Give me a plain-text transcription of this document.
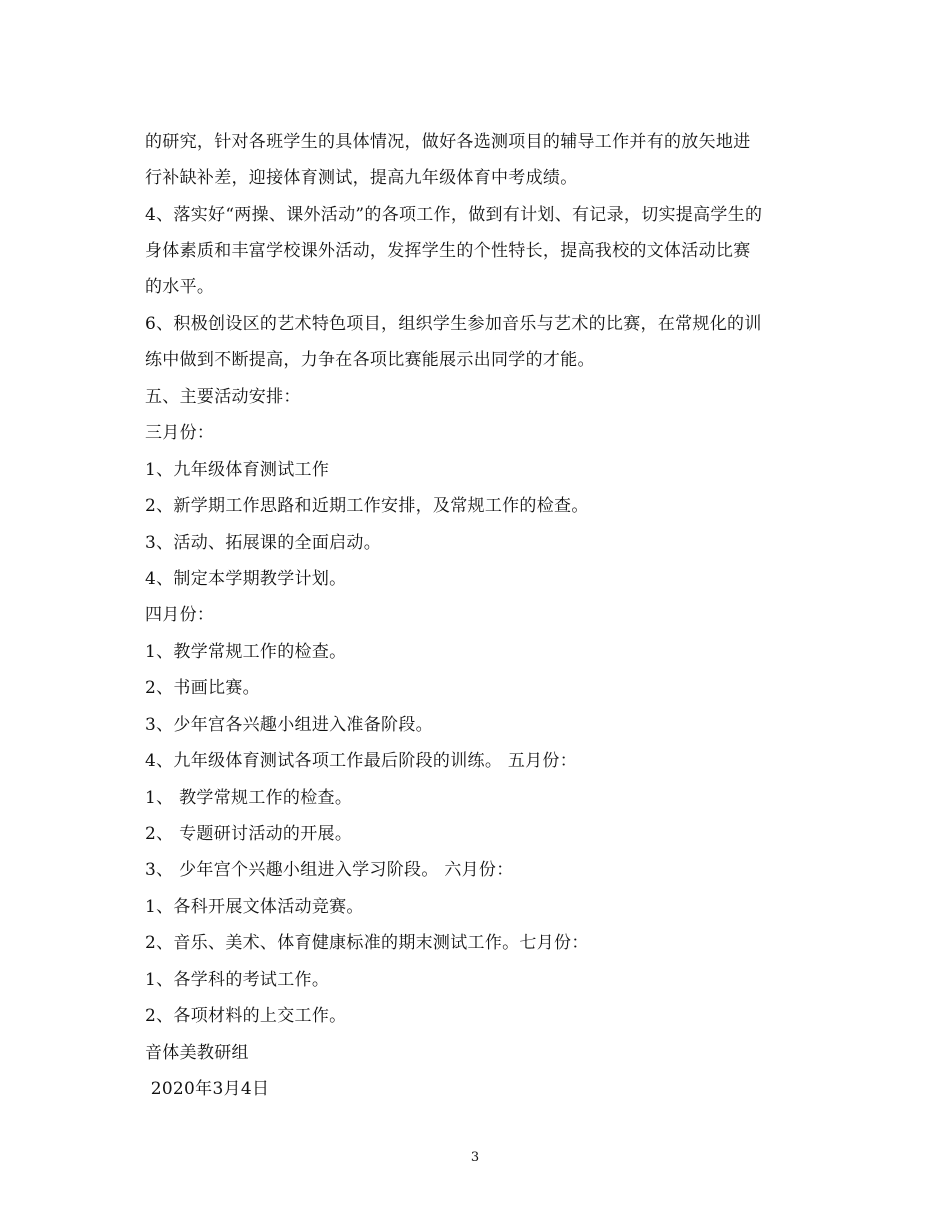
的研究，针对各班学生的具体情况，做好各选测项目的辅导工作并有的放矢地进
行补缺补差，迎接体育测试，提高九年级体育中考成绩。
4、落实好“两操、课外活动”的各项工作，做到有计划、有记录，切实提高学生的
身体素质和丰富学校课外活动，发挥学生的个性特长，提高我校的文体活动比赛
的水平。
6、积极创设区的艺术特色项目，组织学生参加音乐与艺术的比赛，在常规化的训
练中做到不断提高，力争在各项比赛能展示出同学的才能。
五、主要活动安排：
三月份：
1、九年级体育测试工作
2、新学期工作思路和近期工作安排，及常规工作的检查。
3、活动、拓展课的全面启动。
4、制定本学期教学计划。
四月份：
1、教学常规工作的检查。
2、书画比赛。
3、少年宫各兴趣小组进入准备阶段。
4、九年级体育测试各项工作最后阶段的训练。 五月份：
1、 教学常规工作的检查。
2、 专题研讨活动的开展。
3、 少年宫个兴趣小组进入学习阶段。 六月份：
1、各科开展文体活动竞赛。
2、音乐、美术、体育健康标准的期末测试工作。七月份：
1、各学科的考试工作。
2、各项材料的上交工作。
音体美教研组
2020年3月4日
3
